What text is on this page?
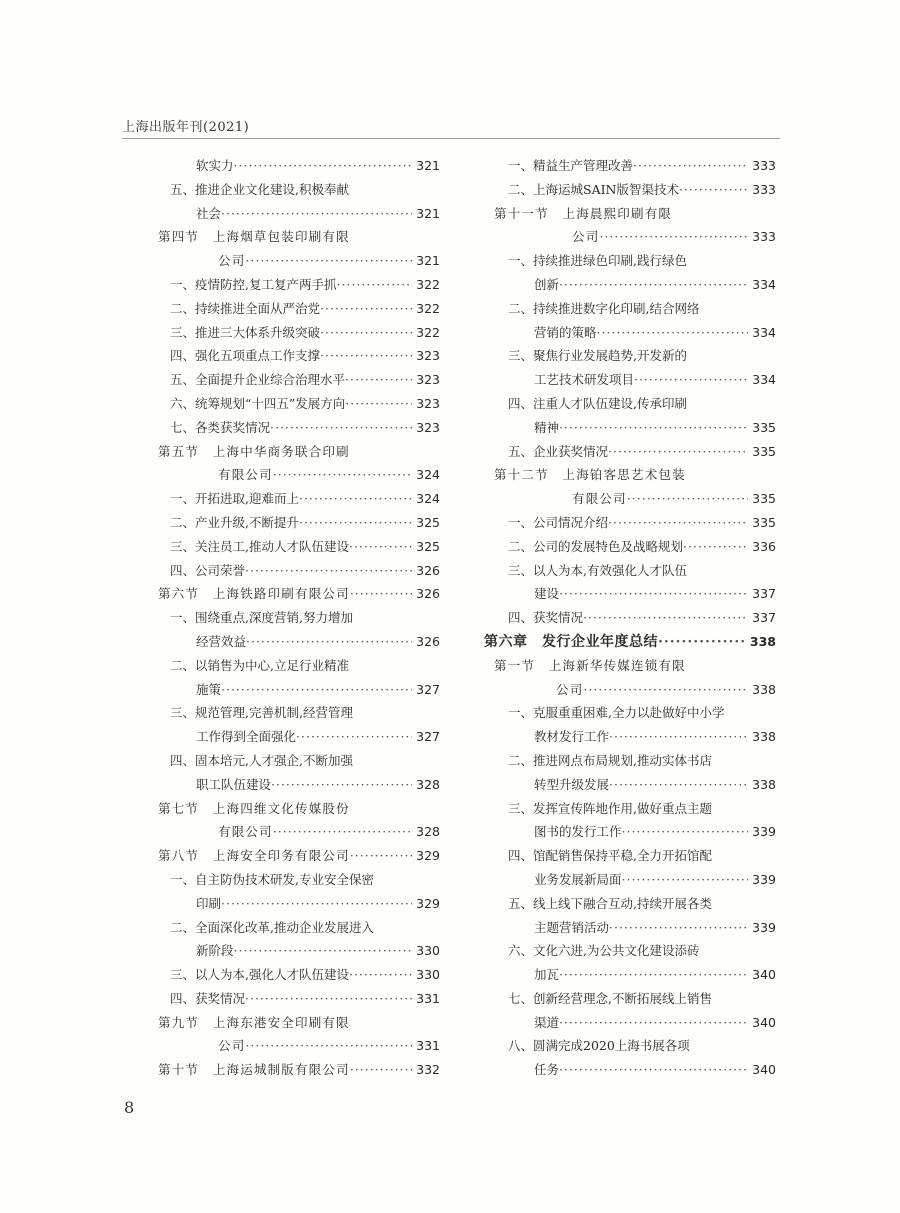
上海出版年刊(2021)
软实力 ·····	321
五、推进企业文化建设,积极奉献
社会 ·····	321
第四节　上海烟草包装印刷有限
公司 ·····	321
一、疫情防控,复工复产两手抓 ·····	322
二、持续推进全面从严治党 ·····	322
三、推进三大体系升级突破 ·····	322
四、强化五项重点工作支撑 ·····	323
五、全面提升企业综合治理水平 ·····	323
六、统筹规划“十四五”发展方向 ·····	323
七、各类获奖情况 ·····	323
第五节　上海中华商务联合印刷
有限公司 ·····	324
一、开拓进取,迎难而上 ·····	324
二、产业升级,不断提升 ·····	325
三、关注员工,推动人才队伍建设 ·····	325
四、公司荣誉 ·····	326
第六节　上海铁路印刷有限公司 ·····	326
一、围绕重点,深度营销,努力增加
经营效益 ·····	326
二、以销售为中心,立足行业精准
施策 ·····	327
三、规范管理,完善机制,经营管理
工作得到全面强化 ·····	327
四、固本培元,人才强企,不断加强
职工队伍建设 ·····	328
第七节　上海四维文化传媒股份
有限公司 ·····	328
第八节　上海安全印务有限公司 ·····	329
一、自主防伪技术研发,专业安全保密
印刷 ·····	329
二、全面深化改革,推动企业发展进入
新阶段 ·····	330
三、以人为本,强化人才队伍建设 ·····	330
四、获奖情况 ·····	331
第九节　上海东港安全印刷有限
公司 ·····	331
第十节　上海运城制版有限公司 ·····	332
一、精益生产管理改善 ·····	333
二、上海运城SAIN版智渠技术 ·····	333
第十一节　上海晨熙印刷有限
公司 ·····	333
一、持续推进绿色印刷,践行绿色
创新 ·····	334
二、持续推进数字化印刷,结合网络
营销的策略 ·····	334
三、聚焦行业发展趋势,开发新的
工艺技术研发项目 ·····	334
四、注重人才队伍建设,传承印刷
精神 ·····	335
五、企业获奖情况 ·····	335
第十二节　上海铂客思艺术包装
有限公司 ·····	335
一、公司情况介绍 ·····	335
二、公司的发展特色及战略规划 ·····	336
三、以人为本,有效强化人才队伍
建设 ·····	337
四、获奖情况 ·····	337
第六章　发行企业年度总结 ·····	338
第一节　上海新华传媒连锁有限
公司 ·····	338
一、克服重重困难,全力以赴做好中小学
教材发行工作 ·····	338
二、推进网点布局规划,推动实体书店
转型升级发展 ·····	338
三、发挥宣传阵地作用,做好重点主题
图书的发行工作 ·····	339
四、馆配销售保持平稳,全力开拓馆配
业务发展新局面 ·····	339
五、线上线下融合互动,持续开展各类
主题营销活动 ·····	339
六、文化六进,为公共文化建设添砖
加瓦 ·····	340
七、创新经营理念,不断拓展线上销售
渠道 ·····	340
八、圆满完成2020上海书展各项
任务 ·····	340
8
